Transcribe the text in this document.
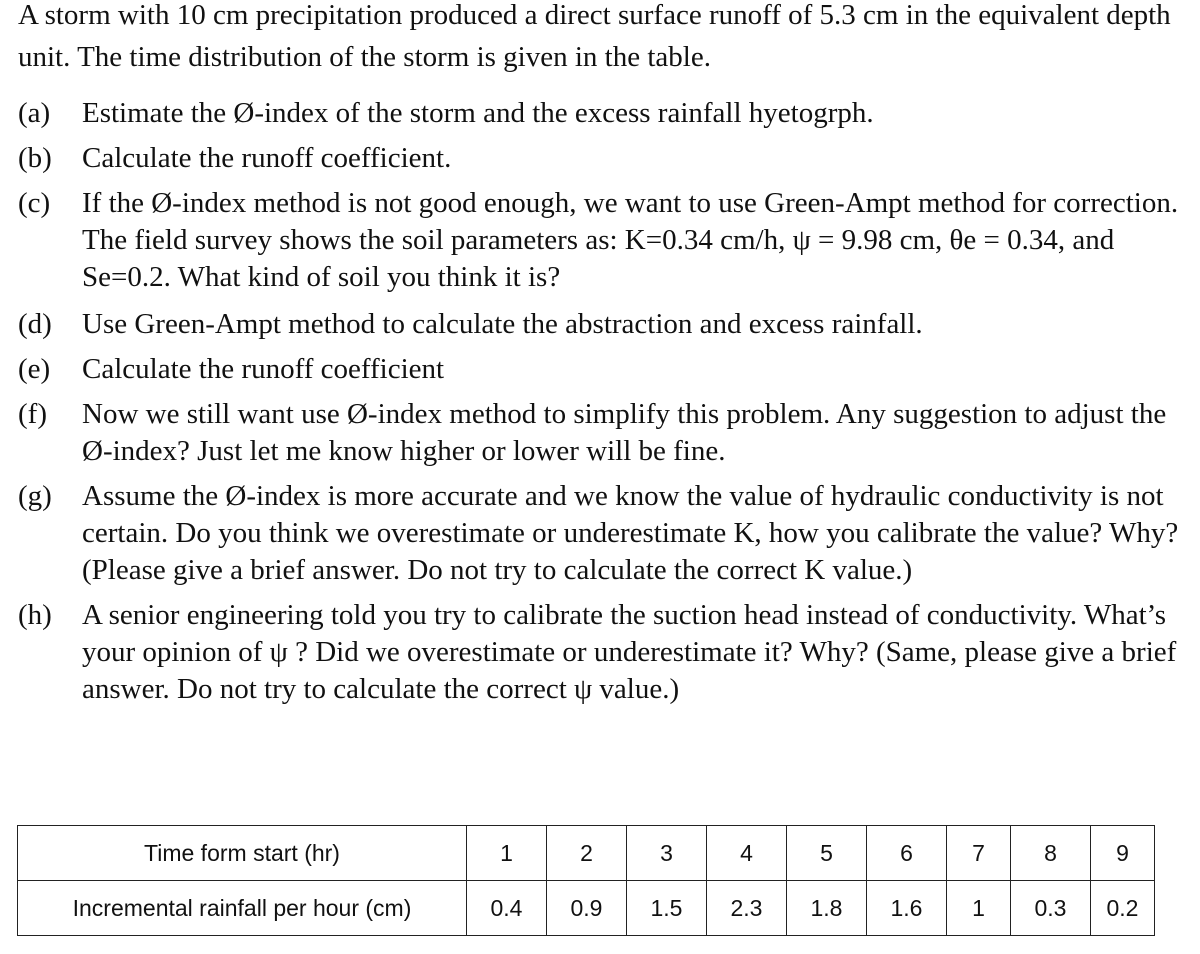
A storm with 10 cm precipitation produced a direct surface runoff of 5.3 cm in the equivalent depth unit. The time distribution of the storm is given in the table.
(a)	Estimate the Ø-index of the storm and the excess rainfall hyetogrph.
(b)	Calculate the runoff coefficient.
(c)	If the Ø-index method is not good enough, we want to use Green-Ampt method for correction. The field survey shows the soil parameters as: K=0.34 cm/h, ψ = 9.98 cm, θe = 0.34, and Se=0.2. What kind of soil you think it is?
(d)	Use Green-Ampt method to calculate the abstraction and excess rainfall.
(e)	Calculate the runoff coefficient
(f)	Now we still want use Ø-index method to simplify this problem. Any suggestion to adjust the Ø-index? Just let me know higher or lower will be fine.
(g)	Assume the Ø-index is more accurate and we know the value of hydraulic conductivity is not certain. Do you think we overestimate or underestimate K, how you calibrate the value? Why? (Please give a brief answer. Do not try to calculate the correct K value.)
(h)	A senior engineering told you try to calibrate the suction head instead of conductivity. What’s your opinion of ψ ? Did we overestimate or underestimate it? Why? (Same, please give a brief answer. Do not try to calculate the correct ψ value.)
Time form start (hr)	1	2	3	4	5	6	7	8	9
Incremental rainfall per hour (cm)	0.4	0.9	1.5	2.3	1.8	1.6	1	0.3	0.2
